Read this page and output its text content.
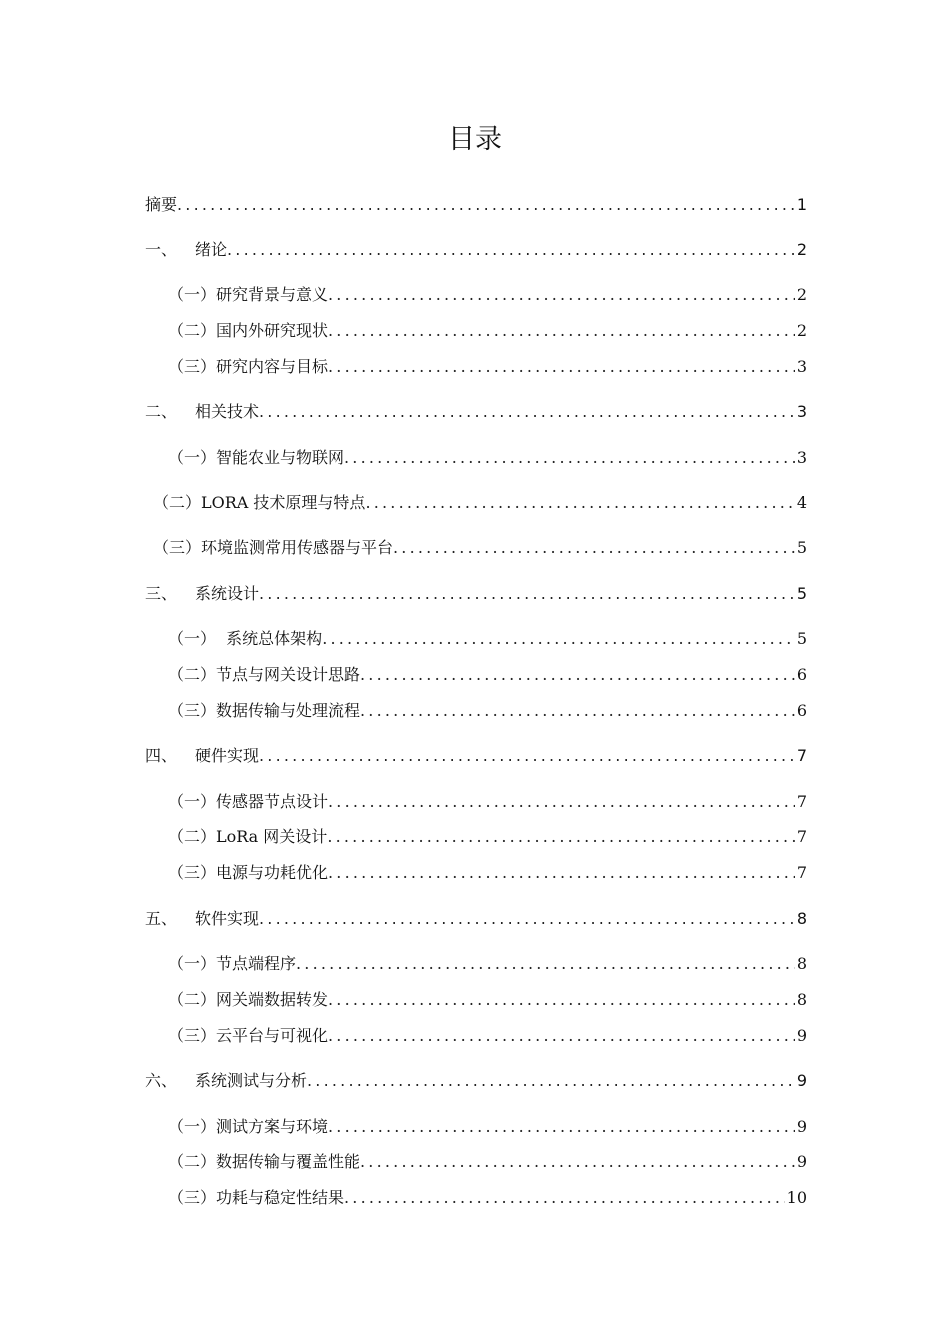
目录
摘要 .....	1
一、	绪论 .....	2
（一）研究背景与意义 .....	2
（二）国内外研究现状 .....	2
（三）研究内容与目标 .....	3
二、	相关技术 .....	3
（一）智能农业与物联网 .....	3
（二）LORA 技术原理与特点 .....	4
（三）环境监测常用传感器与平台 .....	5
三、	系统设计 .....	5
（一）  系统总体架构 .....	5
（二）节点与网关设计思路 .....	6
（三）数据传输与处理流程 .....	6
四、	硬件实现 .....	7
（一）传感器节点设计 .....	7
（二）LoRa 网关设计 .....	7
（三）电源与功耗优化 .....	7
五、	软件实现 .....	8
（一）节点端程序 .....	8
（二）网关端数据转发 .....	8
（三）云平台与可视化 .....	9
六、	系统测试与分析 .....	9
（一）测试方案与环境 .....	9
（二）数据传输与覆盖性能 .....	9
（三）功耗与稳定性结果 .....	10
